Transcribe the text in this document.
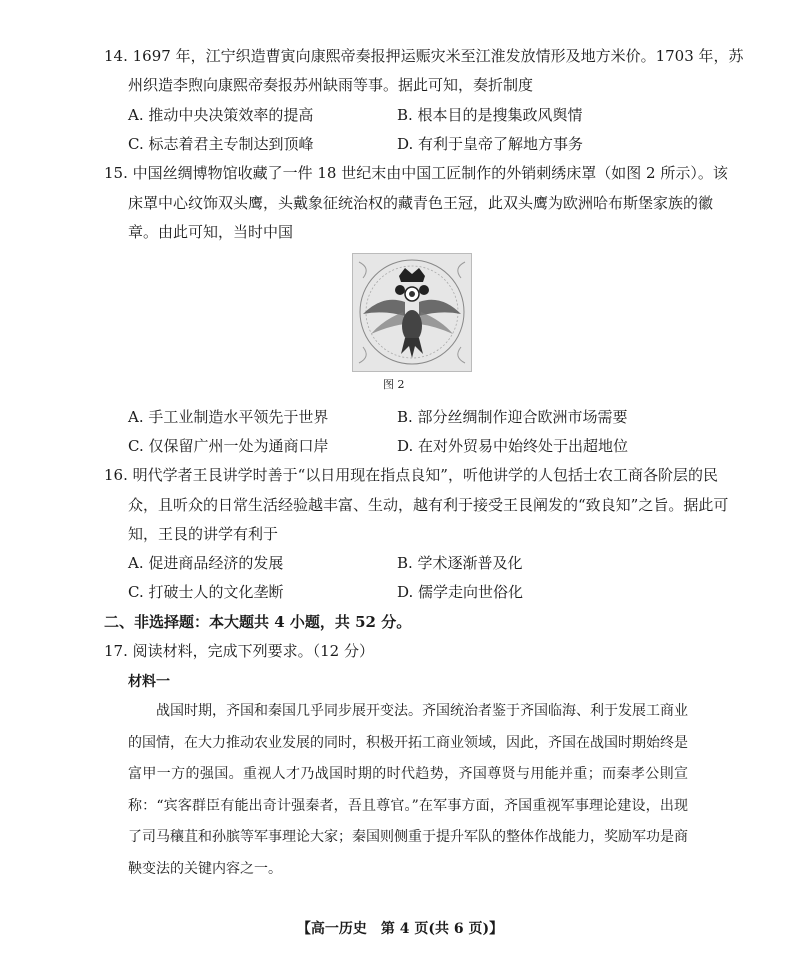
14. 1697 年，江宁织造曹寅向康熙帝奏报押运赈灾米至江淮发放情形及地方米价。1703 年，苏
州织造李煦向康熙帝奏报苏州缺雨等事。据此可知，奏折制度
A. 推动中央决策效率的提高	B. 根本目的是搜集政风舆情
C. 标志着君主专制达到顶峰	D. 有利于皇帝了解地方事务
15. 中国丝绸博物馆收藏了一件 18 世纪末由中国工匠制作的外销刺绣床罩（如图 2 所示）。该
床罩中心纹饰双头鹰，头戴象征统治权的藏青色王冠，此双头鹰为欧洲哈布斯堡家族的徽
章。由此可知，当时中国
图 2
A. 手工业制造水平领先于世界	B. 部分丝绸制作迎合欧洲市场需要
C. 仅保留广州一处为通商口岸	D. 在对外贸易中始终处于出超地位
16. 明代学者王艮讲学时善于“以日用现在指点良知”，听他讲学的人包括士农工商各阶层的民
众，且听众的日常生活经验越丰富、生动，越有利于接受王艮阐发的“致良知”之旨。据此可
知，王艮的讲学有利于
A. 促进商品经济的发展	B. 学术逐渐普及化
C. 打破士人的文化垄断	D. 儒学走向世俗化
二、非选择题：本大题共 4 小题，共 52 分。
17. 阅读材料，完成下列要求。（12 分）
材料一

战国时期，齐国和秦国几乎同步展开变法。齐国统治者鉴于齐国临海、利于发展工商业的国情，在大力推动农业发展的同时，积极开拓工商业领域，因此，齐国在战国时期始终是富甲一方的强国。重视人才乃战国时期的时代趋势，齐国尊贤与用能并重；而秦孝公則宣称：“宾客群臣有能出奇计强秦者，吾且尊官。”在军事方面，齐国重视军事理论建设，出现了司马穰苴和孙膑等军事理论大家；秦国则侧重于提升军队的整体作战能力，奖励军功是商鞅变法的关键内容之一。

【高一历史　第 4 页(共 6 页)】
